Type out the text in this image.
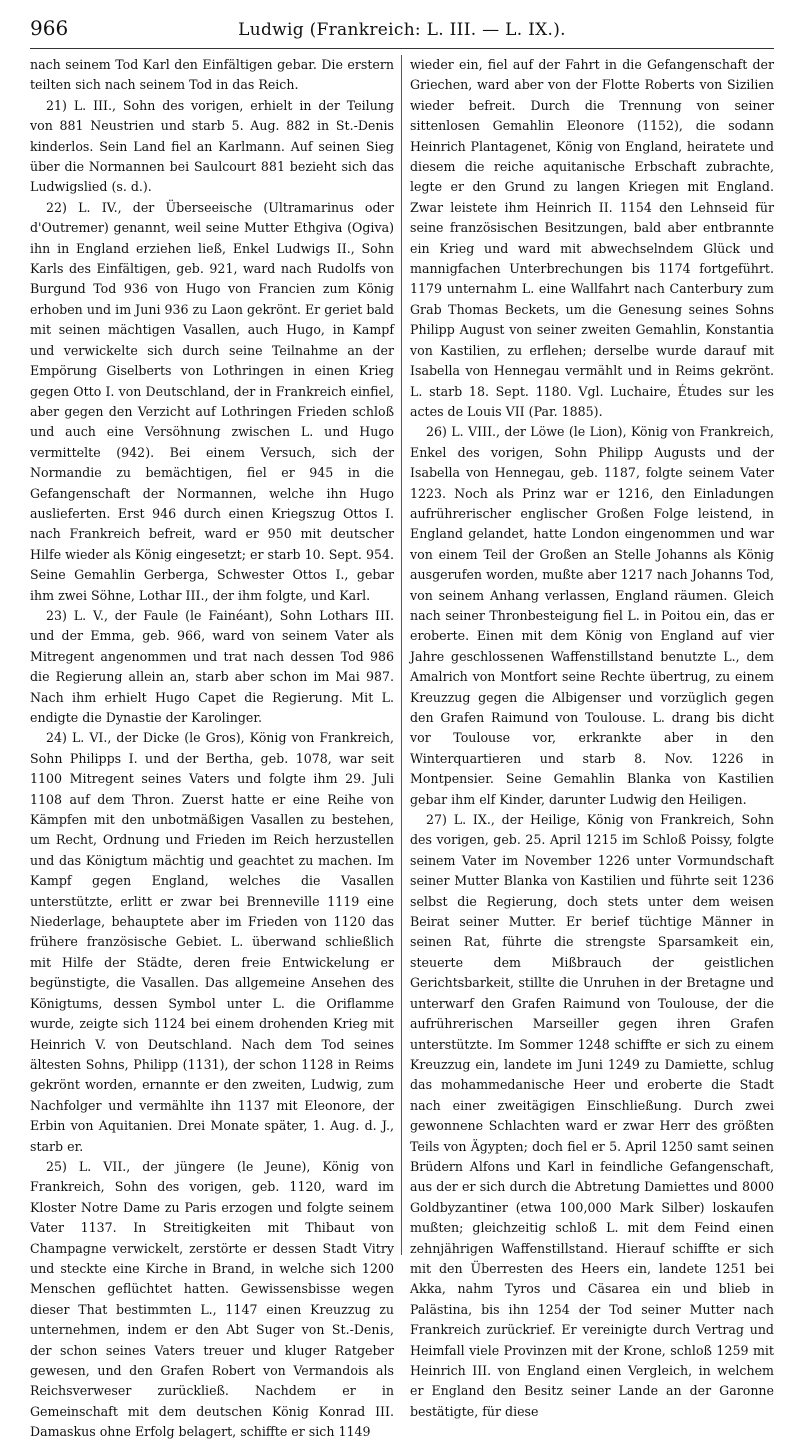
966	Ludwig (Frankreich: L. III. — L. IX.).

nach seinem Tod Karl den Einfältigen gebar. Die erstern teilten sich nach seinem Tod in das Reich.

21) L. III., Sohn des vorigen, erhielt in der Teilung von 881 Neustrien und starb 5. Aug. 882 in St.-Denis kinderlos. Sein Land fiel an Karlmann. Auf seinen Sieg über die Normannen bei Saulcourt 881 bezieht sich das Ludwigslied (s. d.).

22) L. IV., der Überseeische (Ultramarinus oder d'Outremer) genannt, weil seine Mutter Ethgiva (Ogiva) ihn in England erziehen ließ, Enkel Ludwigs II., Sohn Karls des Einfältigen, geb. 921, ward nach Rudolfs von Burgund Tod 936 von Hugo von Francien zum König erhoben und im Juni 936 zu Laon gekrönt. Er geriet bald mit seinen mächtigen Vasallen, auch Hugo, in Kampf und verwickelte sich durch seine Teilnahme an der Empörung Giselberts von Lothringen in einen Krieg gegen Otto I. von Deutschland, der in Frankreich einfiel, aber gegen den Verzicht auf Lothringen Frieden schloß und auch eine Versöhnung zwischen L. und Hugo vermittelte (942). Bei einem Versuch, sich der Normandie zu bemächtigen, fiel er 945 in die Gefangenschaft der Normannen, welche ihn Hugo auslieferten. Erst 946 durch einen Kriegszug Ottos I. nach Frankreich befreit, ward er 950 mit deutscher Hilfe wieder als König eingesetzt; er starb 10. Sept. 954. Seine Gemahlin Gerberga, Schwester Ottos I., gebar ihm zwei Söhne, Lothar III., der ihm folgte, und Karl.

23) L. V., der Faule (le Fainéant), Sohn Lothars III. und der Emma, geb. 966, ward von seinem Vater als Mitregent angenommen und trat nach dessen Tod 986 die Regierung allein an, starb aber schon im Mai 987. Nach ihm erhielt Hugo Capet die Regierung. Mit L. endigte die Dynastie der Karolinger.

24) L. VI., der Dicke (le Gros), König von Frankreich, Sohn Philipps I. und der Bertha, geb. 1078, war seit 1100 Mitregent seines Vaters und folgte ihm 29. Juli 1108 auf dem Thron. Zuerst hatte er eine Reihe von Kämpfen mit den unbotmäßigen Vasallen zu bestehen, um Recht, Ordnung und Frieden im Reich herzustellen und das Königtum mächtig und geachtet zu machen. Im Kampf gegen England, welches die Vasallen unterstützte, erlitt er zwar bei Brenneville 1119 eine Niederlage, behauptete aber im Frieden von 1120 das frühere französische Gebiet. L. überwand schließlich mit Hilfe der Städte, deren freie Entwickelung er begünstigte, die Vasallen. Das allgemeine Ansehen des Königtums, dessen Symbol unter L. die Oriflamme wurde, zeigte sich 1124 bei einem drohenden Krieg mit Heinrich V. von Deutschland. Nach dem Tod seines ältesten Sohns, Philipp (1131), der schon 1128 in Reims gekrönt worden, ernannte er den zweiten, Ludwig, zum Nachfolger und vermählte ihn 1137 mit Eleonore, der Erbin von Aquitanien. Drei Monate später, 1. Aug. d. J., starb er.

25) L. VII., der jüngere (le Jeune), König von Frankreich, Sohn des vorigen, geb. 1120, ward im Kloster Notre Dame zu Paris erzogen und folgte seinem Vater 1137. In Streitigkeiten mit Thibaut von Champagne verwickelt, zerstörte er dessen Stadt Vitry und steckte eine Kirche in Brand, in welche sich 1200 Menschen geflüchtet hatten. Gewissensbisse wegen dieser That bestimmten L., 1147 einen Kreuzzug zu unternehmen, indem er den Abt Suger von St.-Denis, der schon seines Vaters treuer und kluger Ratgeber gewesen, und den Grafen Robert von Vermandois als Reichsverweser zurückließ. Nachdem er in Gemeinschaft mit dem deutschen König Konrad III. Damaskus ohne Erfolg belagert, schiffte er sich 1149

wieder ein, fiel auf der Fahrt in die Gefangenschaft der Griechen, ward aber von der Flotte Roberts von Sizilien wieder befreit. Durch die Trennung von seiner sittenlosen Gemahlin Eleonore (1152), die sodann Heinrich Plantagenet, König von England, heiratete und diesem die reiche aquitanische Erbschaft zubrachte, legte er den Grund zu langen Kriegen mit England. Zwar leistete ihm Heinrich II. 1154 den Lehnseid für seine französischen Besitzungen, bald aber entbrannte ein Krieg und ward mit abwechselndem Glück und mannigfachen Unterbrechungen bis 1174 fortgeführt. 1179 unternahm L. eine Wallfahrt nach Canterbury zum Grab Thomas Beckets, um die Genesung seines Sohns Philipp August von seiner zweiten Gemahlin, Konstantia von Kastilien, zu erflehen; derselbe wurde darauf mit Isabella von Hennegau vermählt und in Reims gekrönt. L. starb 18. Sept. 1180. Vgl. Luchaire, Études sur les actes de Louis VII (Par. 1885).

26) L. VIII., der Löwe (le Lion), König von Frankreich, Enkel des vorigen, Sohn Philipp Augusts und der Isabella von Hennegau, geb. 1187, folgte seinem Vater 1223. Noch als Prinz war er 1216, den Einladungen aufrührerischer englischer Großen Folge leistend, in England gelandet, hatte London eingenommen und war von einem Teil der Großen an Stelle Johanns als König ausgerufen worden, mußte aber 1217 nach Johanns Tod, von seinem Anhang verlassen, England räumen. Gleich nach seiner Thronbesteigung fiel L. in Poitou ein, das er eroberte. Einen mit dem König von England auf vier Jahre geschlossenen Waffenstillstand benutzte L., dem Amalrich von Montfort seine Rechte übertrug, zu einem Kreuzzug gegen die Albigenser und vorzüglich gegen den Grafen Raimund von Toulouse. L. drang bis dicht vor Toulouse vor, erkrankte aber in den Winterquartieren und starb 8. Nov. 1226 in Montpensier. Seine Gemahlin Blanka von Kastilien gebar ihm elf Kinder, darunter Ludwig den Heiligen.

27) L. IX., der Heilige, König von Frankreich, Sohn des vorigen, geb. 25. April 1215 im Schloß Poissy, folgte seinem Vater im November 1226 unter Vormundschaft seiner Mutter Blanka von Kastilien und führte seit 1236 selbst die Regierung, doch stets unter dem weisen Beirat seiner Mutter. Er berief tüchtige Männer in seinen Rat, führte die strengste Sparsamkeit ein, steuerte dem Mißbrauch der geistlichen Gerichtsbarkeit, stillte die Unruhen in der Bretagne und unterwarf den Grafen Raimund von Toulouse, der die aufrührerischen Marseiller gegen ihren Grafen unterstützte. Im Sommer 1248 schiffte er sich zu einem Kreuzzug ein, landete im Juni 1249 zu Damiette, schlug das mohammedanische Heer und eroberte die Stadt nach einer zweitägigen Einschließung. Durch zwei gewonnene Schlachten ward er zwar Herr des größten Teils von Ägypten; doch fiel er 5. April 1250 samt seinen Brüdern Alfons und Karl in feindliche Gefangenschaft, aus der er sich durch die Abtretung Damiettes und 8000 Goldbyzantiner (etwa 100,000 Mark Silber) loskaufen mußten; gleichzeitig schloß L. mit dem Feind einen zehnjährigen Waffenstillstand. Hierauf schiffte er sich mit den Überresten des Heers ein, landete 1251 bei Akka, nahm Tyros und Cäsarea ein und blieb in Palästina, bis ihn 1254 der Tod seiner Mutter nach Frankreich zurückrief. Er vereinigte durch Vertrag und Heimfall viele Provinzen mit der Krone, schloß 1259 mit Heinrich III. von England einen Vergleich, in welchem er England den Besitz seiner Lande an der Garonne bestätigte, für diese
